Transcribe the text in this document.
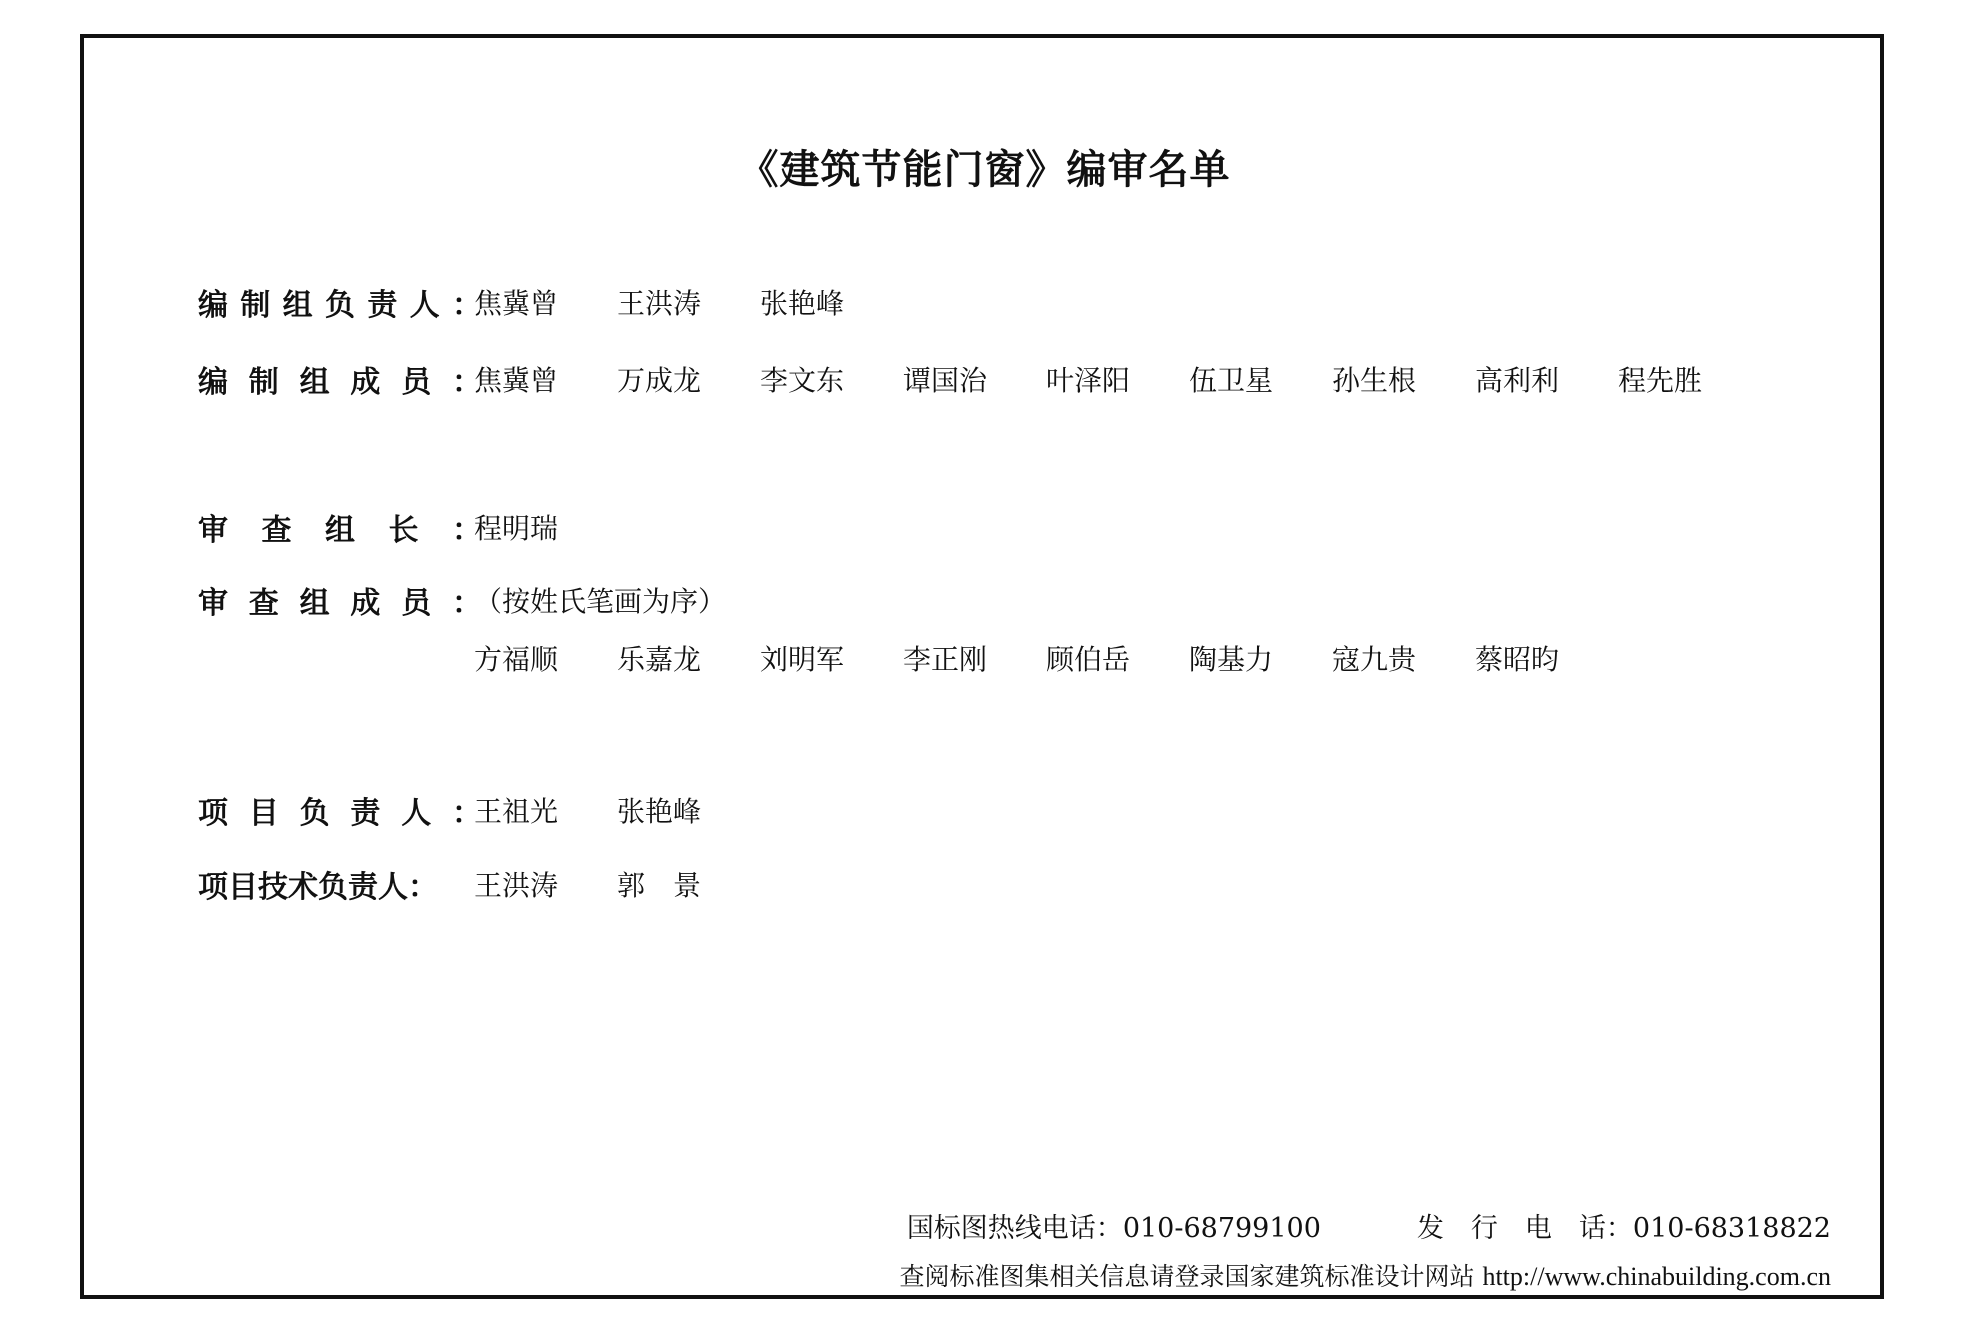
《建筑节能门窗》编审名单
编 制 组 负 责 人 ：
焦冀曾	王洪涛	张艳峰
编 制 组 成 员 ：
焦冀曾	万成龙	李文东	谭国治	叶泽阳	伍卫星	孙生根	高利利	程先胜
审 查 组 长 ：
程明瑞
审 查 组 成 员 ：
（按姓氏笔画为序）
方福顺	乐嘉龙	刘明军	李正刚	顾伯岳	陶基力	寇九贵	蔡昭昀
项 目 负 责 人 ：
王祖光	张艳峰
项目技术负责人： 王洪涛	郭　景
国标图热线电话：010-68799100	发　行　电　话：010-68318822
查阅标准图集相关信息请登录国家建筑标准设计网站 http://www.chinabuilding.com.cn
